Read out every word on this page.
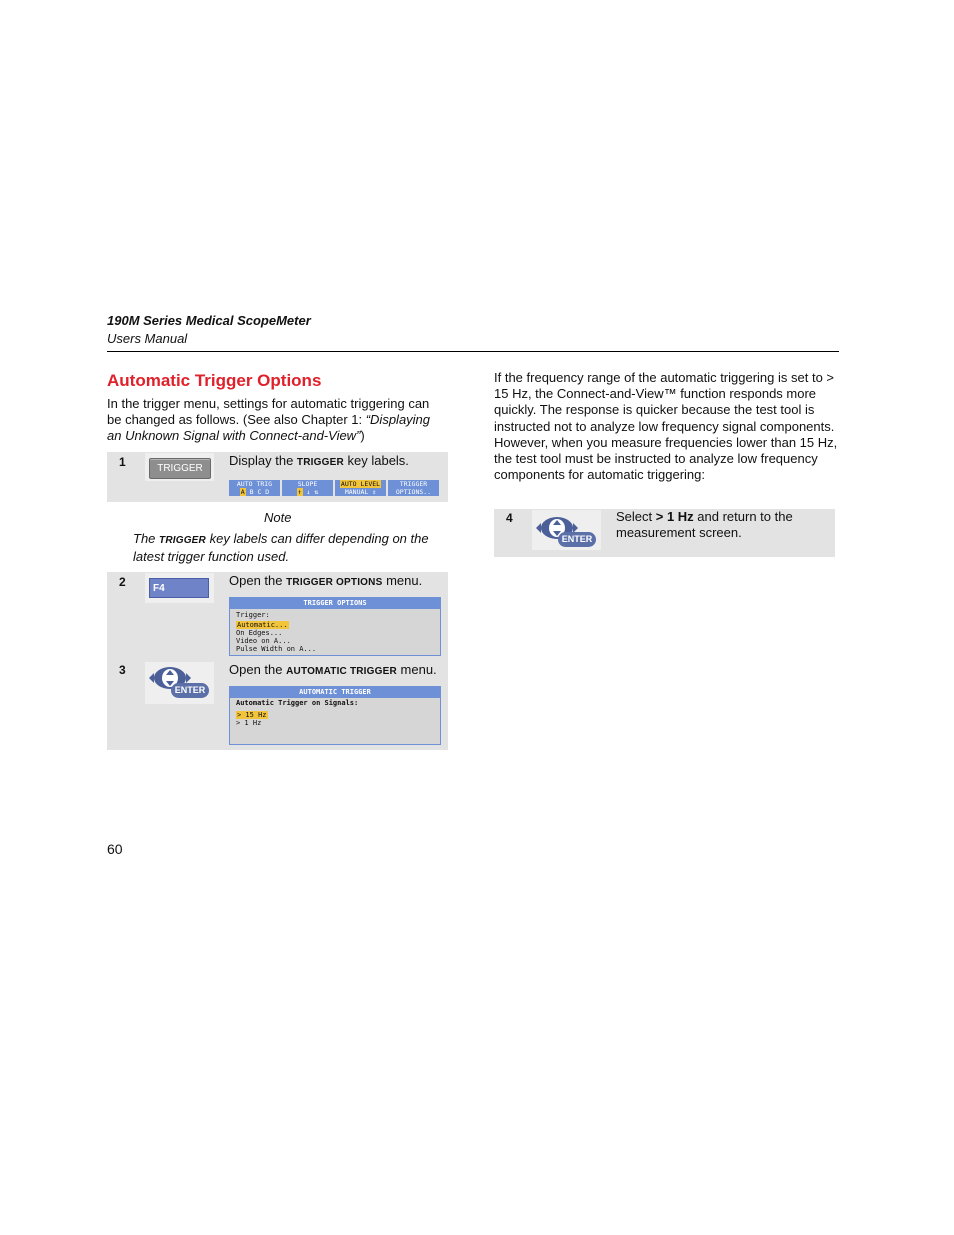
190M Series Medical ScopeMeter
Users Manual
Automatic Trigger Options
In the trigger menu, settings for automatic triggering can be changed as follows. (See also Chapter 1: “Displaying an Unknown Signal with Connect-and-View”)
1	TRIGGER
Display the TRIGGER key labels.
AUTO TRIG
A B C D
SLOPE
↑ ↓ ⇅
AUTO LEVEL
MANUAL ⇕
TRIGGER
OPTIONS..
Note
The TRIGGER key labels can differ depending on the latest trigger function used.
2	F4
Open the TRIGGER OPTIONS menu.
TRIGGER OPTIONS
Trigger:
Automatic...
On Edges...
Video on A...
Pulse Width on A...
3
ENTER
Open the AUTOMATIC TRIGGER menu.
AUTOMATIC TRIGGER
Automatic Trigger on Signals:
> 15 Hz
> 1 Hz
If the frequency range of the automatic triggering is set to > 15 Hz, the Connect-and-View™ function responds more quickly. The response is quicker because the test tool is instructed not to analyze low frequency signal components. However, when you measure frequencies lower than 15 Hz, the test tool must be instructed to analyze low frequency components for automatic triggering:
4
ENTER
Select > 1 Hz and return to the measurement screen.
60
